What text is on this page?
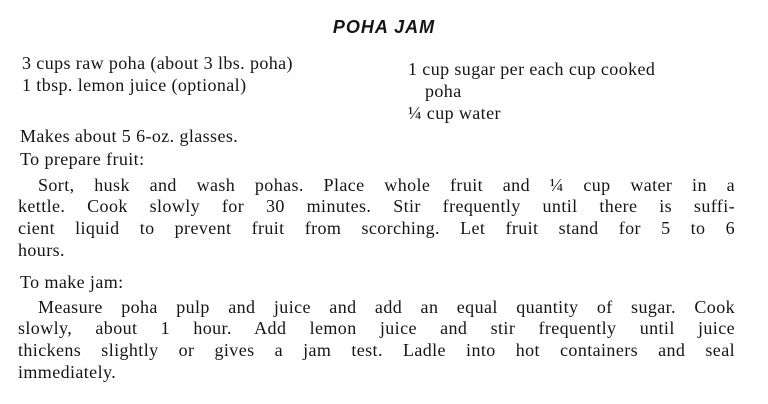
POHA JAM
3 cups raw poha (about 3 lbs. poha)
1 tbsp. lemon juice (optional)
1 cup sugar per each cup cooked
poha
¼ cup water
Makes about 5 6-oz. glasses.
To prepare fruit:
Sort, husk and wash pohas. Place whole fruit and ¼ cup water in a
kettle. Cook slowly for 30 minutes. Stir frequently until there is suffi-
cient liquid to prevent fruit from scorching. Let fruit stand for 5 to 6
hours.
To make jam:
Measure poha pulp and juice and add an equal quantity of sugar. Cook
slowly, about 1 hour. Add lemon juice and stir frequently until juice
thickens slightly or gives a jam test. Ladle into hot containers and seal
immediately.
